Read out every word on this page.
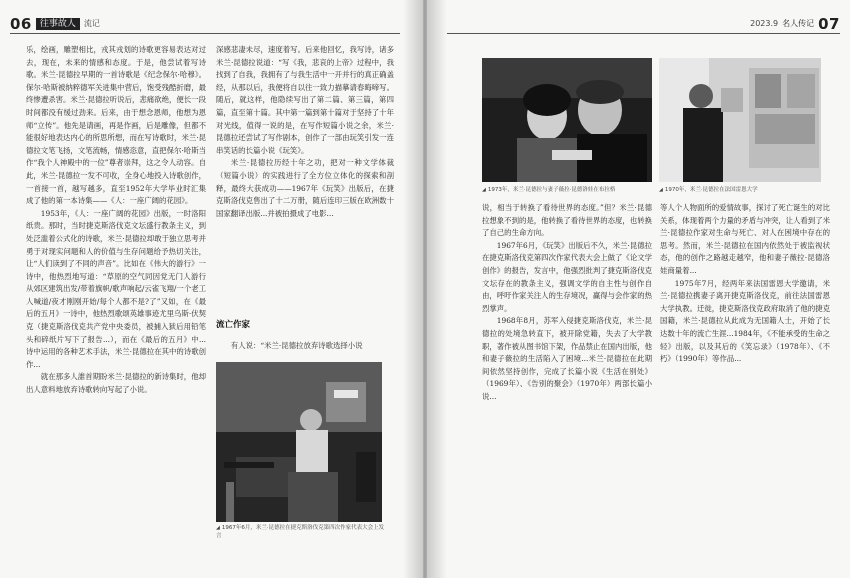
06 往事故人 $^{流记}$

乐，绘画，雕塑相比，戎其戎划的诗歌更容易表达对过去，现在，未来的情感和态度。于是，他尝试着写诗歌。米兰·昆德拉早期的一首诗歌是《纪念保尔·哈穆》。保尔·哈斯被纳粹德军关进集中营后，饱受残酷折磨，最终惨遭杀害。米兰·昆德拉听说后，悲痛欲绝，便长一段时间都没有缓过劲来。后来，由于想念恩师，他想为恩师“立传”。他先是请画，再是作画，后是雕像，但都不能很好地表达内心的所思所想，而在写诗歌时，米兰·昆德拉文笔飞扬，文笔流畅，情感恣意，直把保尔·哈斯当作“我个人神殿中的一位”尊者崇拜，这之令人动容。自此，米兰·昆德拉一发不可收，全身心地投入诗歌创作，一首接一首，越写越多，直至1952年大学毕业时汇集成了他的第一本诗集——《人：一座广阔的花园》。

1953年，《人：一座广阔的花园》出版，一时洛阳纸贵。那时，当时捷克斯洛伐克文坛盛行教条主义，到处泛滥着公式化的诗歌，米兰·昆德拉却敢于独立思考并勇于对现实问题和人的价值与生存问题给予热切关注，让“人们读到了不同的声音”。比如在《伟大的游行》一诗中，他热烈地写道：“草原的空气同因党无门人游行从郊区建筑出发/带着旗帜/歌声响起/云雀飞翔/一个老工人喊道/夜才刚刚开始/每个人都不是?了”又如，在《最后的五月》一诗中，他热烈歌颂英雄事迹尤里乌斯·伏契克（捷克斯洛伐克共产党中央委员，被捕入狱后用铅笔头和碎纸片写下了报告...），而在《最后的五月》中...诗中运用的各种艺术手法，米兰·昆德拉在其中的诗歌创作...

就在那多人誰首期盼米兰·昆德拉的新诗集时，他却出人意料地放弃诗歌转向写起了小说。

深感悲凄未尽，速度着写。后来他回忆，我写诗，诸多米兰·昆德拉说道：“写《我，悲哀的上帝》过程中，我找到了自我，我拥有了与我生活中一开并行的真正确盖经，从那以后，我便将自以往一致力描摹请春晦啼写。随后，就这样，他隐续写出了第二篇、第三篇，第四篇，直至第十篇。其中第一篇到第十篇对于坚持了十年对光线，值得一说的是，在写作短篇小说之余，米兰·昆德拉还尝试了写作剧本，创作了一部由玩笑引发一连串笑话的长篇小说《玩笑》。

米兰·昆德拉历经十年之功，把对一种文学体裁（短篇小说）的实践进行了全方位立体化的探索和剖释，最终大获成功——1967年《玩笑》出版后，在捷克斯洛伐克售出了十二万册，随后连印三版在欧洲数十国家翻译出版...并被拍摄成了电影...

流亡作家

有人说：“米兰·昆德拉放弃诗歌选择小说

◢ 1967年6月，米兰·昆德拉在捷克斯洛伐克第四次作家代表大会上发言
$^{2023.9}$ $^{名人传记}$ 07
◢ 1973年，米兰·昆德拉与妻子薇拉·昆德洛娃在布拉格	◢ 1970年，米兰·昆德拉在法国雷恩大学

说，相当于转换了看待世界的态度。”但？米兰·昆德拉想象不到的是，他转换了看待世界的态度，也转换了自己的生命方向。

1967年6月，《玩笑》出版后不久，米兰·昆德拉在捷克斯洛伐克第四次作家代表大会上做了《论文学创作》的报告，发言中，他强烈批判了捷克斯洛伐克文坛存在的教条主义，强调文学的自主性与创作自由，呼吁作家关注人的生存境况，赢得与会作家的热烈掌声。

1968年8月，苏军入侵捷克斯洛伐克，米兰·昆德拉的处境急转直下，被开除党籍，失去了大学教职，著作被从图书馆下架，作品禁止在国内出版，他和妻子薇拉的生活陷入了困境...米兰·昆德拉在此期间依然坚持创作，完成了长篇小说《生活在别处》（1969年）、《告别的聚会》（1970年）两部长篇小说...

等人个人物面所的爱情故事，探讨了死亡诞生的对比关系，体现着两个力量的矛盾与冲突，让人看到了米兰·昆德拉作家对生命与死亡、对人在困境中存在的思考。然而，米兰·昆德拉在国内依然处于被监视状态，他的创作之路越走越窄，他和妻子薇拉·昆德洛娃商量着...

1975年7月，经两年来法国雷恩大学邀请，米兰·昆德拉携妻子离开捷克斯洛伐克，前往法国雷恩大学执教。迁徙，捷克斯洛伐克政府取消了他的捷克国籍，米兰·昆德拉从此成为无国籍人士，开始了长达数十年的流亡生涯...1984年，《不能承受的生命之轻》出版，以及其后的《笑忘录》（1978年）、《不朽》（1990年）等作品...
